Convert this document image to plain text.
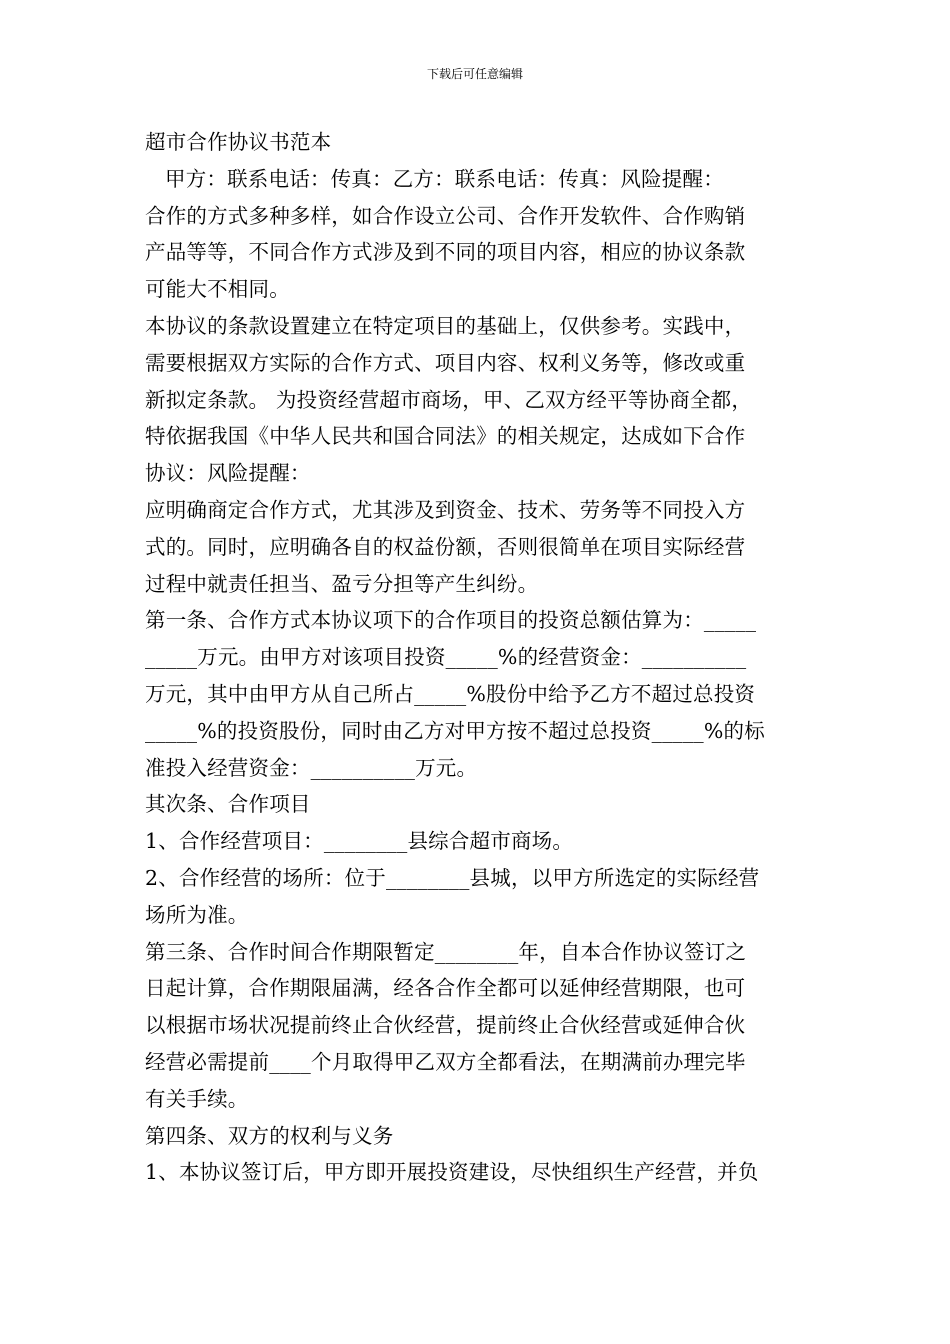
下载后可任意编辑

超市合作协议书范本

甲方：联系电话：传真：乙方：联系电话：传真：风险提醒：

合作的方式多种多样，如合作设立公司、合作开发软件、合作购销

产品等等，不同合作方式涉及到不同的项目内容，相应的协议条款

可能大不相同。

本协议的条款设置建立在特定项目的基础上，仅供参考。实践中，

需要根据双方实际的合作方式、项目内容、权利义务等，修改或重

新拟定条款。 为投资经营超市商场，甲、乙双方经平等协商全都，

特依据我国《中华人民共和国合同法》的相关规定，达成如下合作

协议：风险提醒：

应明确商定合作方式，尤其涉及到资金、技术、劳务等不同投入方

式的。同时，应明确各自的权益份额，否则很简单在项目实际经营

过程中就责任担当、盈亏分担等产生纠纷。

第一条、合作方式本协议项下的合作项目的投资总额估算为：_____

_____万元。由甲方对该项目投资_____%的经营资金：__________

万元，其中由甲方从自己所占_____%股份中给予乙方不超过总投资

_____%的投资股份，同时由乙方对甲方按不超过总投资_____%的标

准投入经营资金：__________万元。

其次条、合作项目

1、合作经营项目：________县综合超市商场。

2、合作经营的场所：位于________县城，以甲方所选定的实际经营

场所为准。

第三条、合作时间合作期限暂定________年，自本合作协议签订之

日起计算，合作期限届满，经各合作全都可以延伸经营期限，也可

以根据市场状况提前终止合伙经营，提前终止合伙经营或延伸合伙

经营必需提前____个月取得甲乙双方全都看法，在期满前办理完毕

有关手续。

第四条、双方的权利与义务

1、本协议签订后，甲方即开展投资建设，尽快组织生产经营，并负
